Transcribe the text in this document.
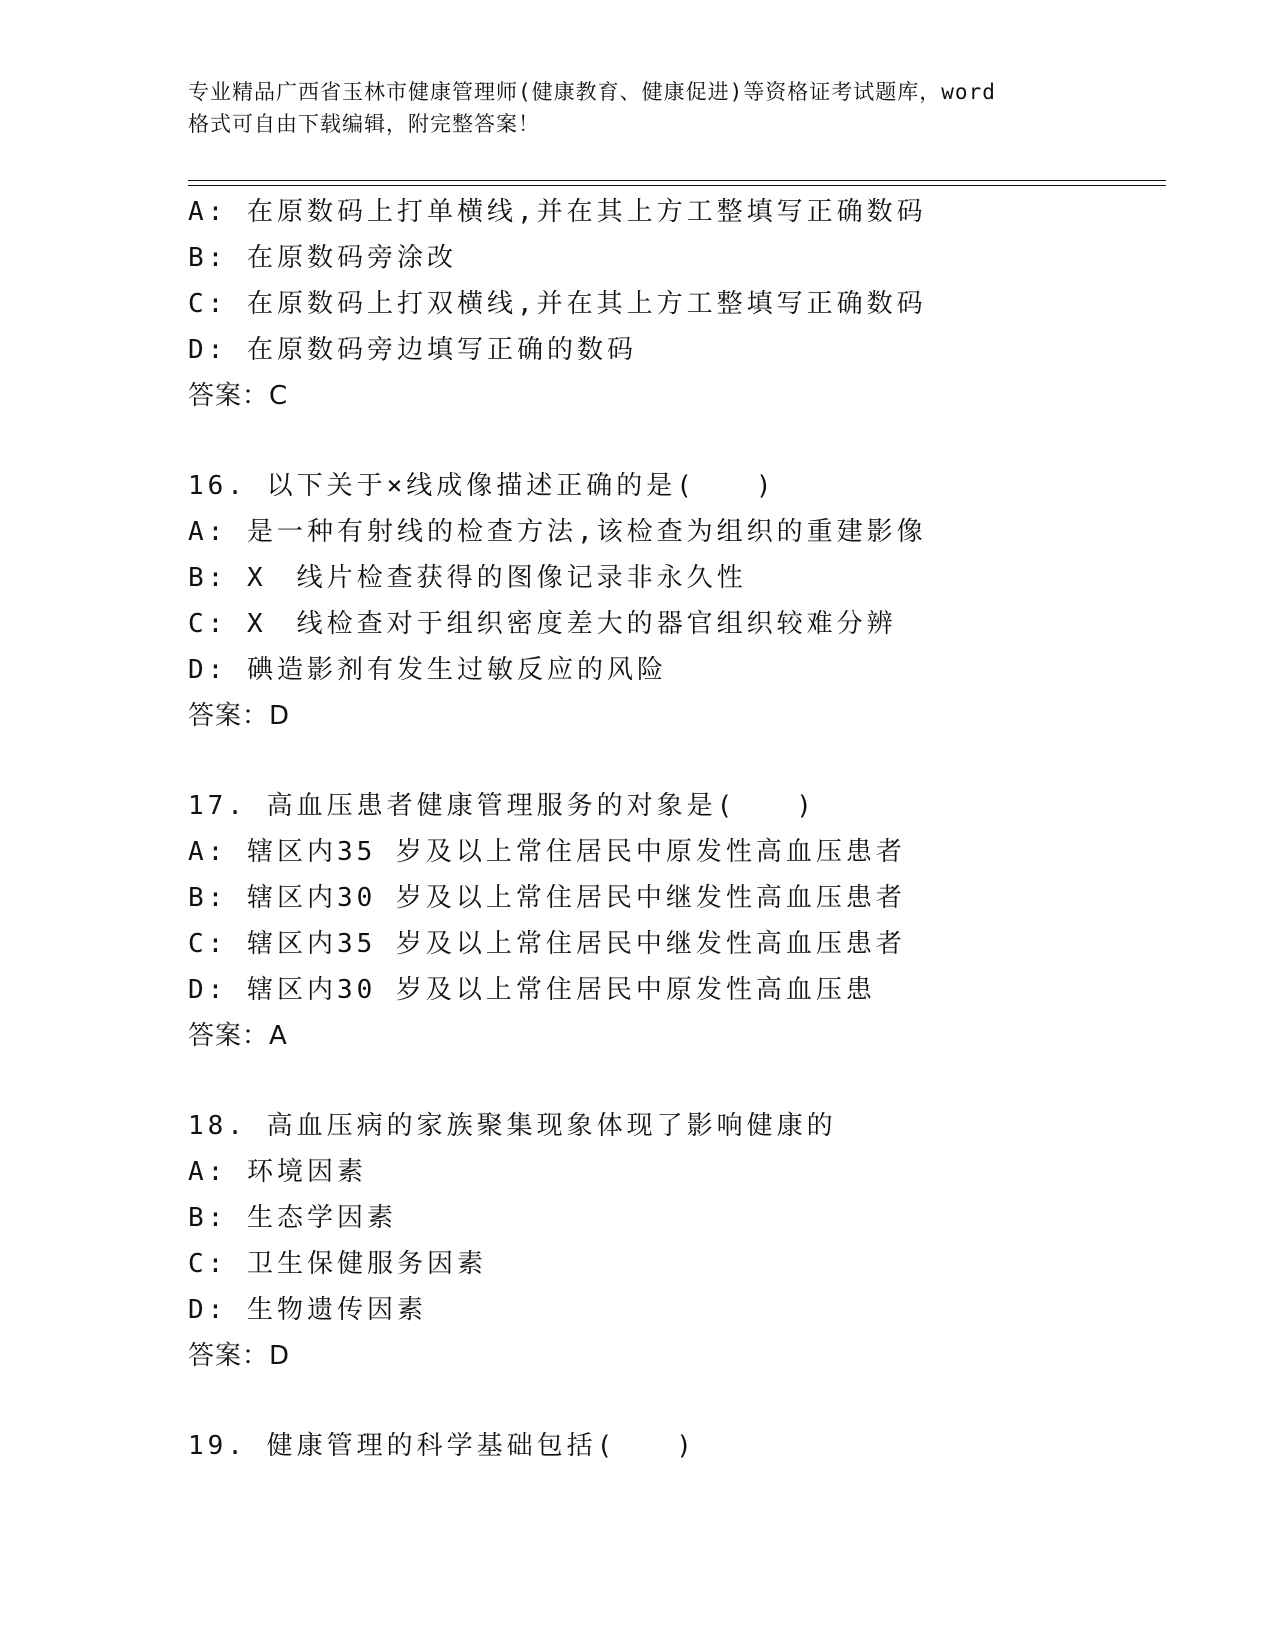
专业精品广西省玉林市健康管理师(健康教育、健康促进)等资格证考试题库，word
格式可自由下载编辑，附完整答案！
A: 在原数码上打单横线,并在其上方工整填写正确数码
B: 在原数码旁涂改
C: 在原数码上打双横线,并在其上方工整填写正确数码
D: 在原数码旁边填写正确的数码
答案：C
16. 以下关于×线成像描述正确的是(　　)
A: 是一种有射线的检查方法,该检查为组织的重建影像
B: X　线片检查获得的图像记录非永久性
C: X　线检查对于组织密度差大的器官组织较难分辨
D: 碘造影剂有发生过敏反应的风险
答案：D
17. 高血压患者健康管理服务的对象是(　　)
A: 辖区内35 岁及以上常住居民中原发性高血压患者
B: 辖区内30 岁及以上常住居民中继发性高血压患者
C: 辖区内35 岁及以上常住居民中继发性高血压患者
D: 辖区内30 岁及以上常住居民中原发性高血压患
答案：A
18. 高血压病的家族聚集现象体现了影响健康的
A: 环境因素
B: 生态学因素
C: 卫生保健服务因素
D: 生物遗传因素
答案：D
19. 健康管理的科学基础包括(　　)
